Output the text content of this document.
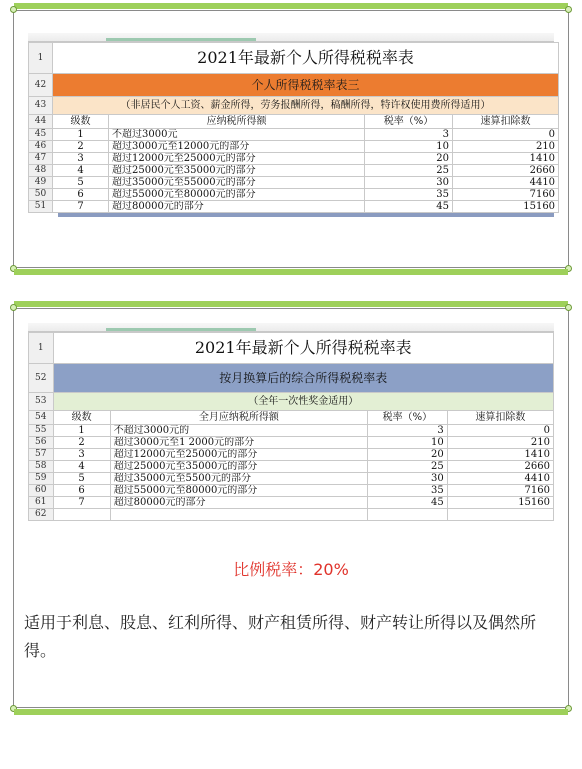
1	2021年最新个人所得税税率表			
42	个人所得税税率表三			
43	（非居民个人工资、薪金所得，劳务报酬所得，稿酬所得，特许权使用费所得适用）			
44	级数	应纳税所得额	税率（%）	速算扣除数
45	1	不超过3000元	3	0
46	2	超过3000元至12000元的部分	10	210
47	3	超过12000元至25000元的部分	20	1410
48	4	超过25000元至35000元的部分	25	2660
49	5	超过35000元至55000元的部分	30	4410
50	6	超过55000元至80000元的部分	35	7160
51	7	超过80000元的部分	45	15160
1	2021年最新个人所得税税率表			
52	按月换算后的综合所得税税率表			
53	（全年一次性奖金适用）			
54	级数	全月应纳税所得额	税率（%）	速算扣除数
55	1	不超过3000元的	3	0
56	2	超过3000元至1 2000元的部分	10	210
57	3	超过12000元至25000元的部分	20	1410
58	4	超过25000元至35000元的部分	25	2660
59	5	超过35000元至5500元的部分	30	4410
60	6	超过55000元至80000元的部分	35	7160
61	7	超过80000元的部分	45	15160
62				
比例税率：20%
适用于利息、股息、红利所得、财产租赁所得、财产转让所得以及偶然所得。
